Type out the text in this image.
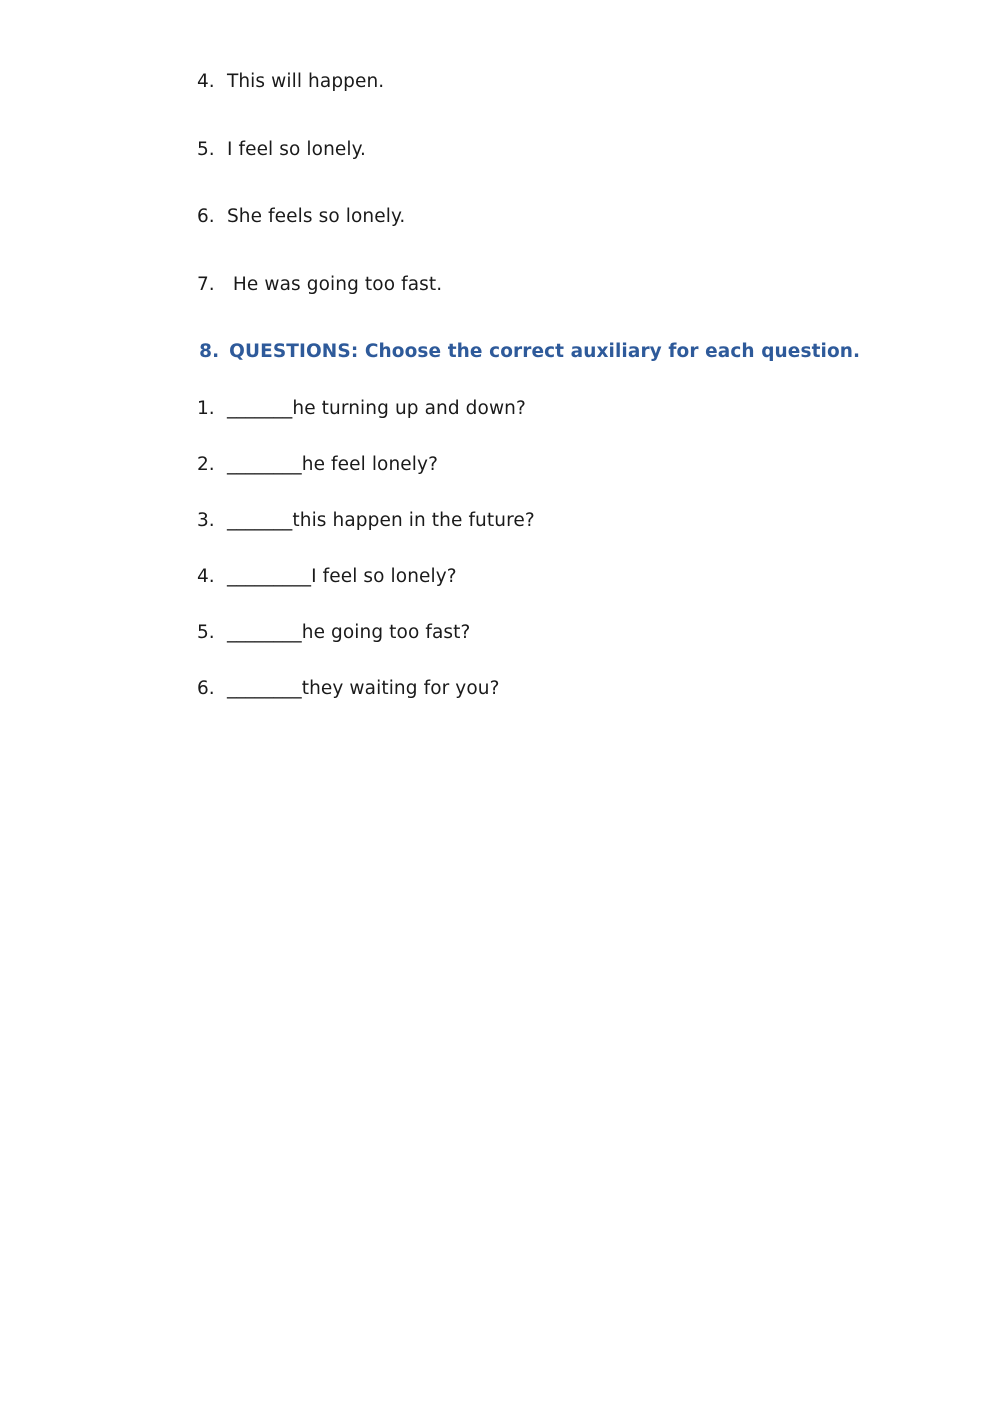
4. This will happen.

5. I feel so lonely.

6. She feels so lonely.

7. He was going too fast.

8. QUESTIONS: Choose the correct auxiliary for each question.

1. _______he turning up and down?

2. ________he feel lonely?

3. _______this happen in the future?

4. _________I feel so lonely?

5. ________he going too fast?

6. ________they waiting for you?
